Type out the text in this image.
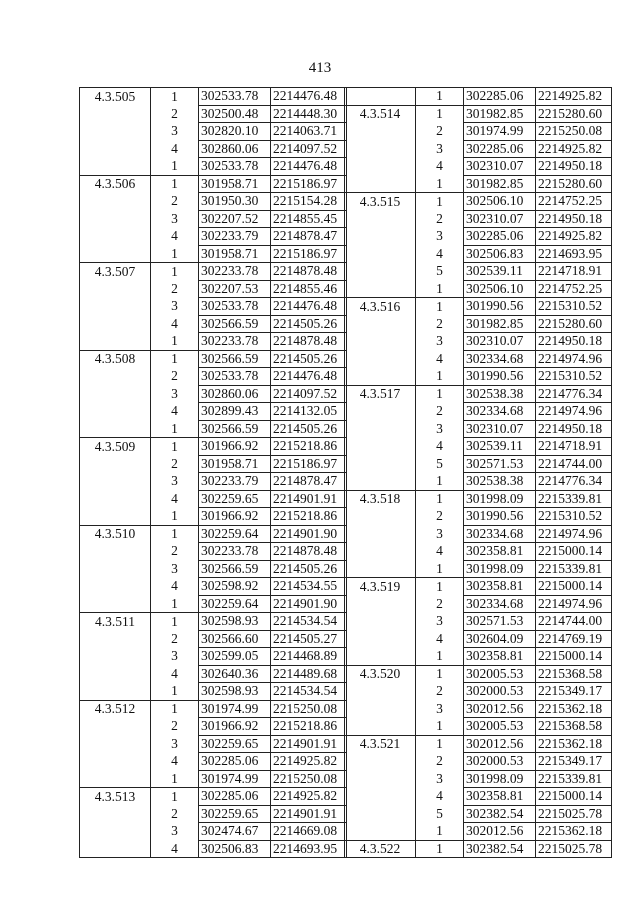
413
4.3.505	1	302533.78	2214476.48
	2	302500.48	2214448.30
	3	302820.10	2214063.71
	4	302860.06	2214097.52
	1	302533.78	2214476.48
4.3.506	1	301958.71	2215186.97
	2	301950.30	2215154.28
	3	302207.52	2214855.45
	4	302233.79	2214878.47
	1	301958.71	2215186.97
4.3.507	1	302233.78	2214878.48
	2	302207.53	2214855.46
	3	302533.78	2214476.48
	4	302566.59	2214505.26
	1	302233.78	2214878.48
4.3.508	1	302566.59	2214505.26
	2	302533.78	2214476.48
	3	302860.06	2214097.52
	4	302899.43	2214132.05
	1	302566.59	2214505.26
4.3.509	1	301966.92	2215218.86
	2	301958.71	2215186.97
	3	302233.79	2214878.47
	4	302259.65	2214901.91
	1	301966.92	2215218.86
4.3.510	1	302259.64	2214901.90
	2	302233.78	2214878.48
	3	302566.59	2214505.26
	4	302598.92	2214534.55
	1	302259.64	2214901.90
4.3.511	1	302598.93	2214534.54
	2	302566.60	2214505.27
	3	302599.05	2214468.89
	4	302640.36	2214489.68
	1	302598.93	2214534.54
4.3.512	1	301974.99	2215250.08
	2	301966.92	2215218.86
	3	302259.65	2214901.91
	4	302285.06	2214925.82
	1	301974.99	2215250.08
4.3.513	1	302285.06	2214925.82
	2	302259.65	2214901.91
	3	302474.67	2214669.08
	4	302506.83	2214693.95
	1	302285.06	2214925.82
4.3.514	1	301982.85	2215280.60
	2	301974.99	2215250.08
	3	302285.06	2214925.82
	4	302310.07	2214950.18
	1	301982.85	2215280.60
4.3.515	1	302506.10	2214752.25
	2	302310.07	2214950.18
	3	302285.06	2214925.82
	4	302506.83	2214693.95
	5	302539.11	2214718.91
	1	302506.10	2214752.25
4.3.516	1	301990.56	2215310.52
	2	301982.85	2215280.60
	3	302310.07	2214950.18
	4	302334.68	2214974.96
	1	301990.56	2215310.52
4.3.517	1	302538.38	2214776.34
	2	302334.68	2214974.96
	3	302310.07	2214950.18
	4	302539.11	2214718.91
	5	302571.53	2214744.00
	1	302538.38	2214776.34
4.3.518	1	301998.09	2215339.81
	2	301990.56	2215310.52
	3	302334.68	2214974.96
	4	302358.81	2215000.14
	1	301998.09	2215339.81
4.3.519	1	302358.81	2215000.14
	2	302334.68	2214974.96
	3	302571.53	2214744.00
	4	302604.09	2214769.19
	1	302358.81	2215000.14
4.3.520	1	302005.53	2215368.58
	2	302000.53	2215349.17
	3	302012.56	2215362.18
	1	302005.53	2215368.58
4.3.521	1	302012.56	2215362.18
	2	302000.53	2215349.17
	3	301998.09	2215339.81
	4	302358.81	2215000.14
	5	302382.54	2215025.78
	1	302012.56	2215362.18
4.3.522	1	302382.54	2215025.78
